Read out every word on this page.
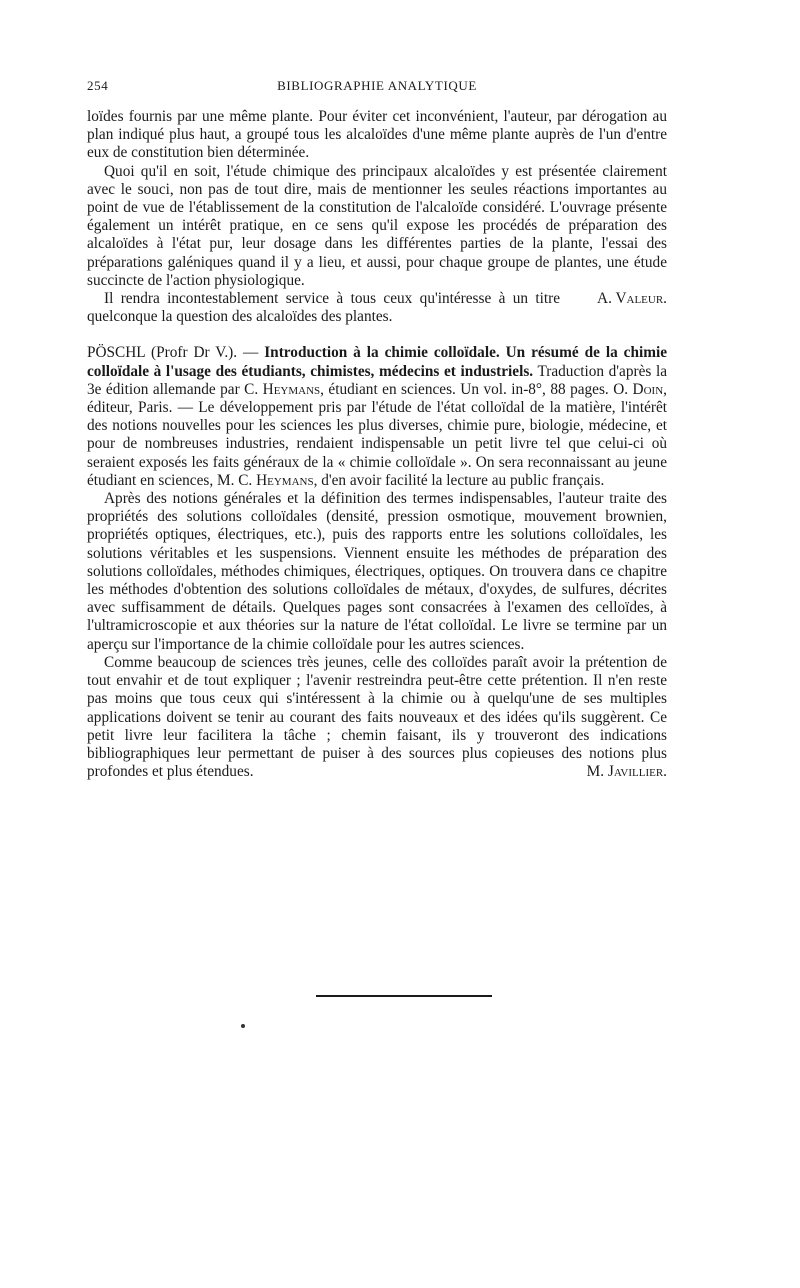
254	BIBLIOGRAPHIE ANALYTIQUE

loïdes fournis par une même plante. Pour éviter cet inconvénient, l'auteur, par dérogation au plan indiqué plus haut, a groupé tous les alcaloïdes d'une même plante auprès de l'un d'entre eux de constitution bien déterminée.

Quoi qu'il en soit, l'étude chimique des principaux alcaloïdes y est présentée clairement avec le souci, non pas de tout dire, mais de mentionner les seules réactions importantes au point de vue de l'établissement de la constitution de l'alcaloïde considéré. L'ouvrage présente également un intérêt pratique, en ce sens qu'il expose les procédés de préparation des alcaloïdes à l'état pur, leur dosage dans les différentes parties de la plante, l'essai des préparations galéniques quand il y a lieu, et aussi, pour chaque groupe de plantes, une étude succincte de l'action physiologique.

A. Valeur.
Il rendra incontestablement service à tous ceux qu'intéresse à un titre quelconque la question des alcaloïdes des plantes.

PÖSCHL (Profr Dr V.). — Introduction à la chimie colloïdale. Un résumé de la chimie colloïdale à l'usage des étudiants, chimistes, médecins et industriels. Traduction d'après la 3e édition allemande par C. Heymans, étudiant en sciences. Un vol. in-8°, 88 pages. O. Doin, éditeur, Paris. — Le développement pris par l'étude de l'état colloïdal de la matière, l'intérêt des notions nouvelles pour les sciences les plus diverses, chimie pure, biologie, médecine, et pour de nombreuses industries, rendaient indispensable un petit livre tel que celui-ci où seraient exposés les faits généraux de la « chimie colloïdale ». On sera reconnaissant au jeune étudiant en sciences, M. C. Heymans, d'en avoir facilité la lecture au public français.

Après des notions générales et la définition des termes indispensables, l'auteur traite des propriétés des solutions colloïdales (densité, pression osmotique, mouvement brownien, propriétés optiques, électriques, etc.), puis des rapports entre les solutions colloïdales, les solutions véritables et les suspensions. Viennent ensuite les méthodes de préparation des solutions colloïdales, méthodes chimiques, électriques, optiques. On trouvera dans ce chapitre les méthodes d'obtention des solutions colloïdales de métaux, d'oxydes, de sulfures, décrites avec suffisamment de détails. Quelques pages sont consacrées à l'examen des celloïdes, à l'ultramicroscopie et aux théories sur la nature de l'état colloïdal. Le livre se termine par un aperçu sur l'importance de la chimie colloïdale pour les autres sciences.

Comme beaucoup de sciences très jeunes, celle des colloïdes paraît avoir la prétention de tout envahir et de tout expliquer ; l'avenir restreindra peut-être cette prétention. Il n'en reste pas moins que tous ceux qui s'intéressent à la chimie ou à quelqu'une de ses multiples applications doivent se tenir au courant des faits nouveaux et des idées qu'ils suggèrent. Ce petit livre leur facilitera la tâche ; chemin faisant, ils y trouveront des indications bibliographiques leur permettant de puiser à des sources plus copieuses des notions plus profondes et plus étendues.	M. Javillier.
